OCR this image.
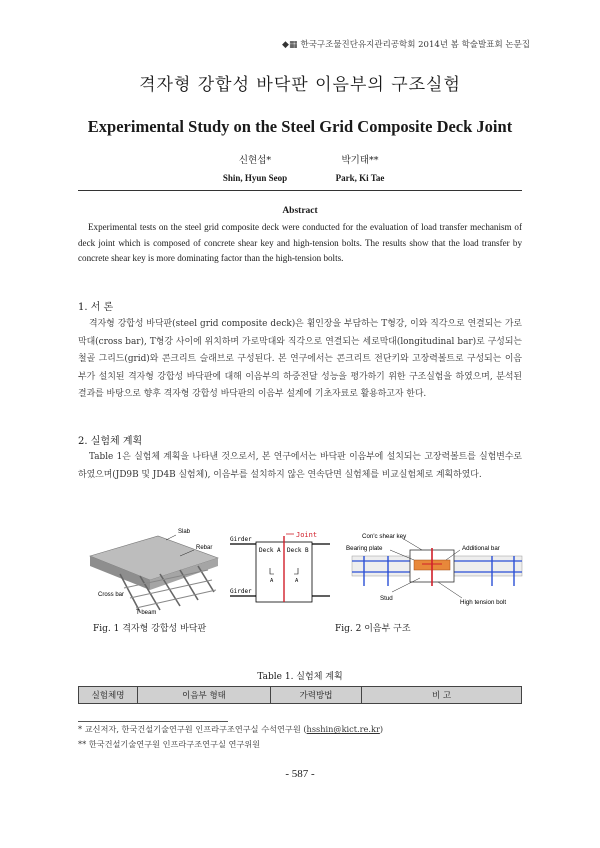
◆▦ 한국구조물진단유지관리공학회 2014년 봄 학술발표회 논문집
격자형 강합성 바닥판 이음부의 구조실험
Experimental Study on the Steel Grid Composite Deck Joint
신현섭*
Shin, Hyun Seop
박기태**
Park, Ki Tae
Abstract
Experimental tests on the steel grid composite deck were conducted for the evaluation of load transfer mechanism of deck joint which is composed of concrete shear key and high-tension bolts. The results show that the load transfer by concrete shear key is more dominating factor than the high-tension bolts.
1. 서 론
격자형 강합성 바닥판(steel grid composite deck)은 휨인장을 부담하는 T형강, 이와 직각으로 연결되는 가로막대(cross bar), T형강 사이에 위치하며 가로막대와 직각으로 연결되는 세로막대(longitudinal bar)로 구성되는 철골 그리드(grid)와 콘크리트 슬래브로 구성된다. 본 연구에서는 콘크리트 전단키와 고장력볼트로 구성되는 이음부가 설치된 격자형 강합성 바닥판에 대해 이음부의 하중전달 성능을 평가하기 위한 구조실험을 하였으며, 분석된 결과를 바탕으로 향후 격자형 강합성 바닥판의 이음부 설계에 기초자료로 활용하고자 한다.
2. 실험체 계획
Table 1은 실험체 계획을 나타낸 것으로서, 본 연구에서는 바닥판 이음부에 설치되는 고장력볼트를 실험변수로 하였으며(JD9B 및 JD4B 실험체), 이음부를 설치하지 않은 연속단면 실험체를 비교실험체로 계획하였다.
Slab
Rebar
Cross bar
T-beam
Fig. 1 격자형 강합성 바닥판
Joint
Girder
Girder
Deck A Deck B
A	A
Con'c shear key
Bearing plate	Additional bar
Stud
High tension bolt
Fig. 2 이음부 구조
Table 1. 실험체 계획
실험체명	이음부 형태	가력방법	비 고
* 교신저자, 한국건설기술연구원 인프라구조연구실 수석연구원 (hsshin@kict.re.kr)
** 한국건설기술연구원 인프라구조연구실 연구위원
- 587 -
